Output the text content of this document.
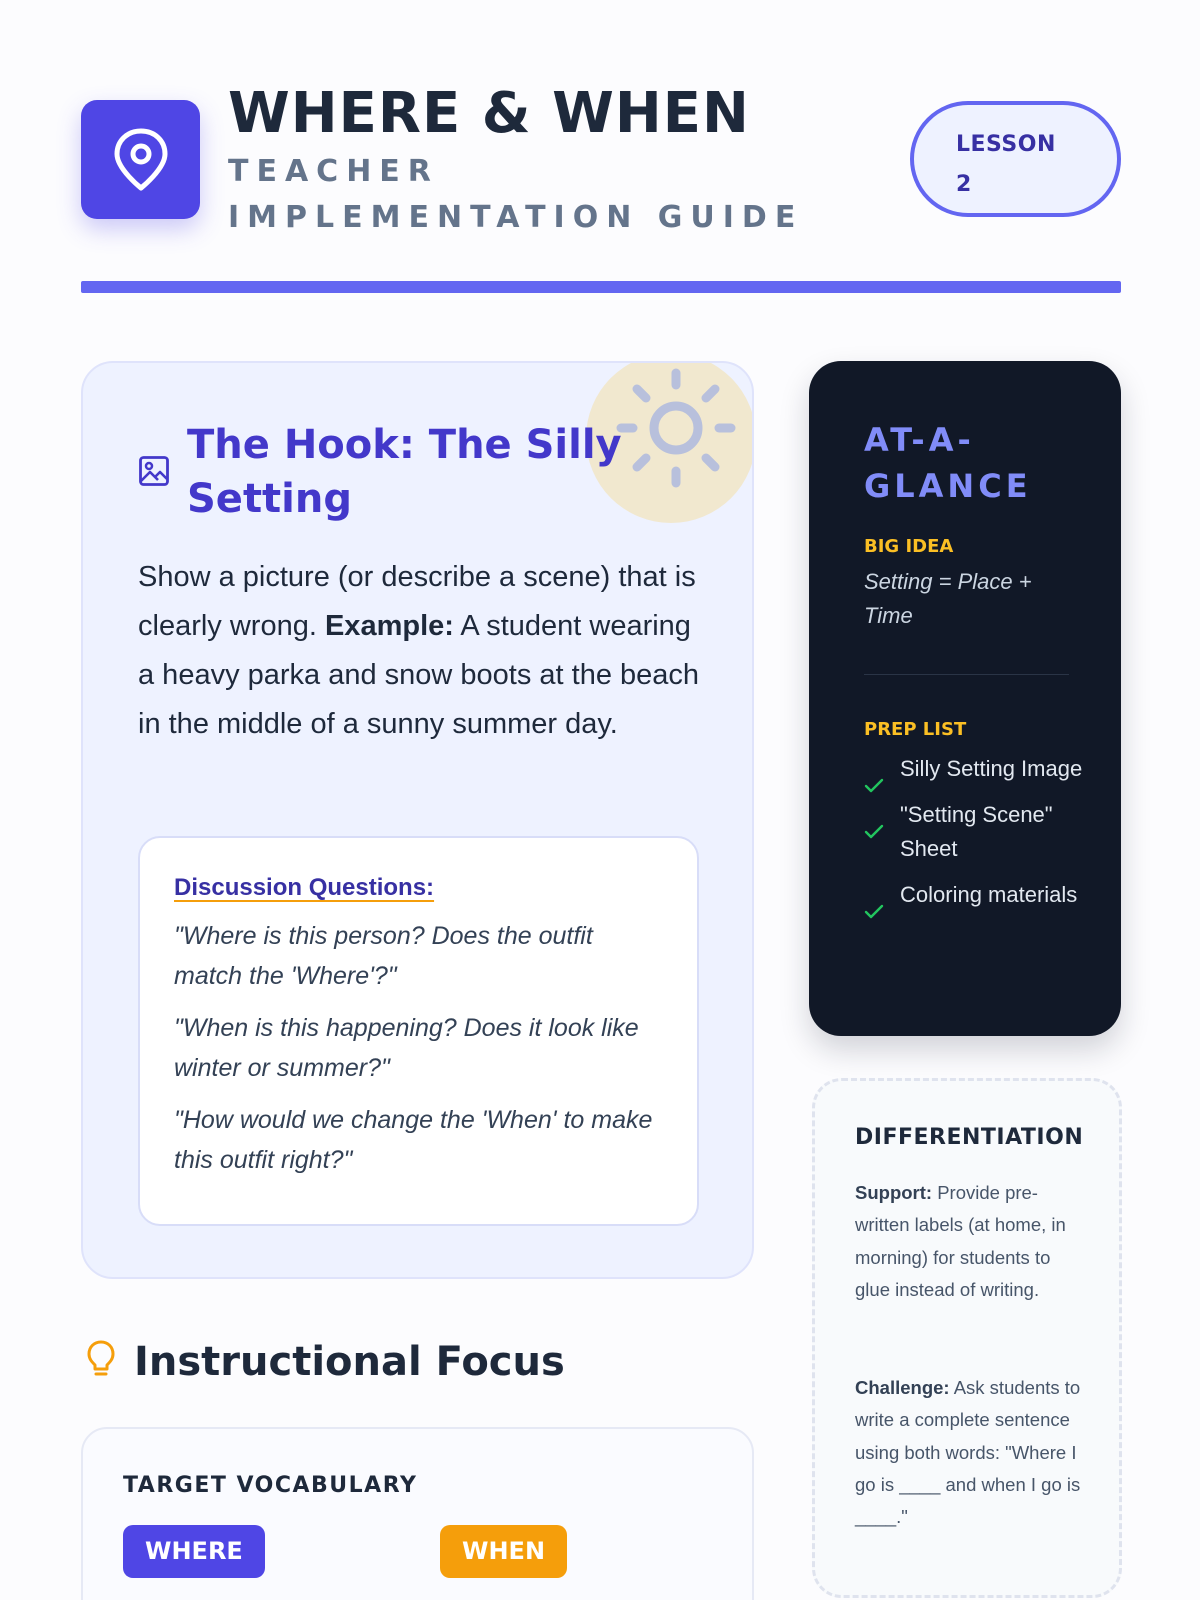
WHERE & WHEN
TEACHER IMPLEMENTATION GUIDE
LESSON
2
The Hook: The Silly Setting

Show a picture (or describe a scene) that is clearly wrong. Example: A student wearing a heavy parka and snow boots at the beach in the middle of a sunny summer day.

Discussion Questions:

"Where is this person? Does the outfit match the 'Where'?"

"When is this happening? Does it look like winter or summer?"

"How would we change the 'When' to make this outfit right?"

Instructional Focus
TARGET VOCABULARY
WHERE	WHEN
AT-A-GLANCE
BIG IDEA
Setting = Place + Time
PREP LIST
Silly Setting Image
"Setting Scene" Sheet
Coloring materials
DIFFERENTIATION

Support: Provide pre-written labels (at home, in morning) for students to glue instead of writing.

Challenge: Ask students to write a complete sentence using both words: "Where I go is ____ and when I go is ____."
